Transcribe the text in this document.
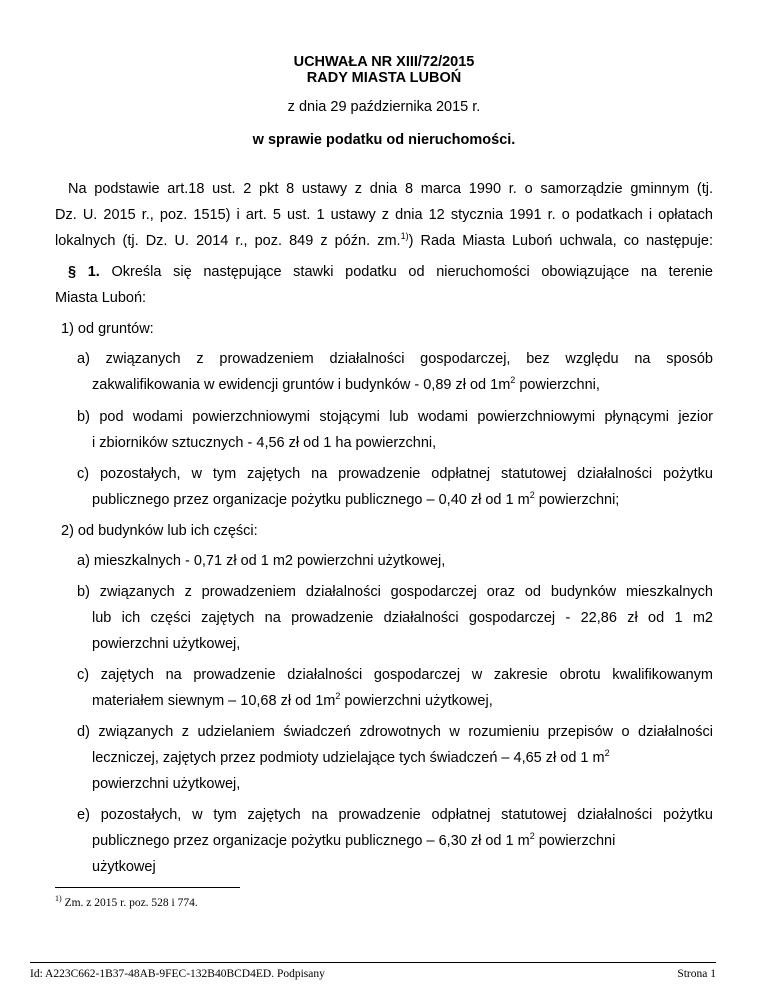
UCHWAŁA NR XIII/72/2015
RADY MIASTA LUBOŃ
z dnia 29 października 2015 r.
w sprawie podatku od nieruchomości.
Na podstawie art.18 ust. 2 pkt 8 ustawy z dnia 8 marca 1990 r. o samorządzie gminnym (tj.
Dz. U. 2015 r., poz. 1515) i art. 5 ust. 1 ustawy z dnia 12 stycznia 1991 r. o podatkach i opłatach
lokalnych (tj. Dz. U. 2014 r., poz. 849 z późn. zm.$^{1)}$) Rada Miasta Luboń uchwala, co następuje:
§ 1. Określa się następujące stawki podatku od nieruchomości obowiązujące na terenie
Miasta Luboń:
1) od gruntów:
a) związanych z prowadzeniem działalności gospodarczej, bez względu na sposób
zakwalifikowania w ewidencji gruntów i budynków - 0,89 zł od $1m^2$ powierzchni,
b) pod wodami powierzchniowymi stojącymi lub wodami powierzchniowymi płynącymi jezior
i zbiorników sztucznych - 4,56 zł od 1 ha powierzchni,
c) pozostałych, w tym zajętych na prowadzenie odpłatnej statutowej działalności pożytku
publicznego przez organizacje pożytku publicznego – 0,40 zł od 1 $m^2$ powierzchni;
2) od budynków lub ich części:
a) mieszkalnych - 0,71 zł od 1 m2 powierzchni użytkowej,
b) związanych z prowadzeniem działalności gospodarczej oraz od budynków mieszkalnych
lub ich części zajętych na prowadzenie działalności gospodarczej - 22,86 zł od 1 m2
powierzchni użytkowej,
c) zajętych na prowadzenie działalności gospodarczej w zakresie obrotu kwalifikowanym
materiałem siewnym – 10,68 zł od $1m^2$ powierzchni użytkowej,
d) związanych z udzielaniem świadczeń zdrowotnych w rozumieniu przepisów o działalności
leczniczej, zajętych przez podmioty udzielające tych świadczeń – 4,65 zł od 1 $m^2$
powierzchni użytkowej,
e) pozostałych, w tym zajętych na prowadzenie odpłatnej statutowej działalności pożytku
publicznego przez organizacje pożytku publicznego – 6,30 zł od 1 $m^2$ powierzchni
użytkowej
$^{1)}$ Zm. z 2015 r. poz. 528 i 774.
Id: A223C662-1B37-48AB-9FEC-132B40BCD4ED. Podpisany	Strona 1
